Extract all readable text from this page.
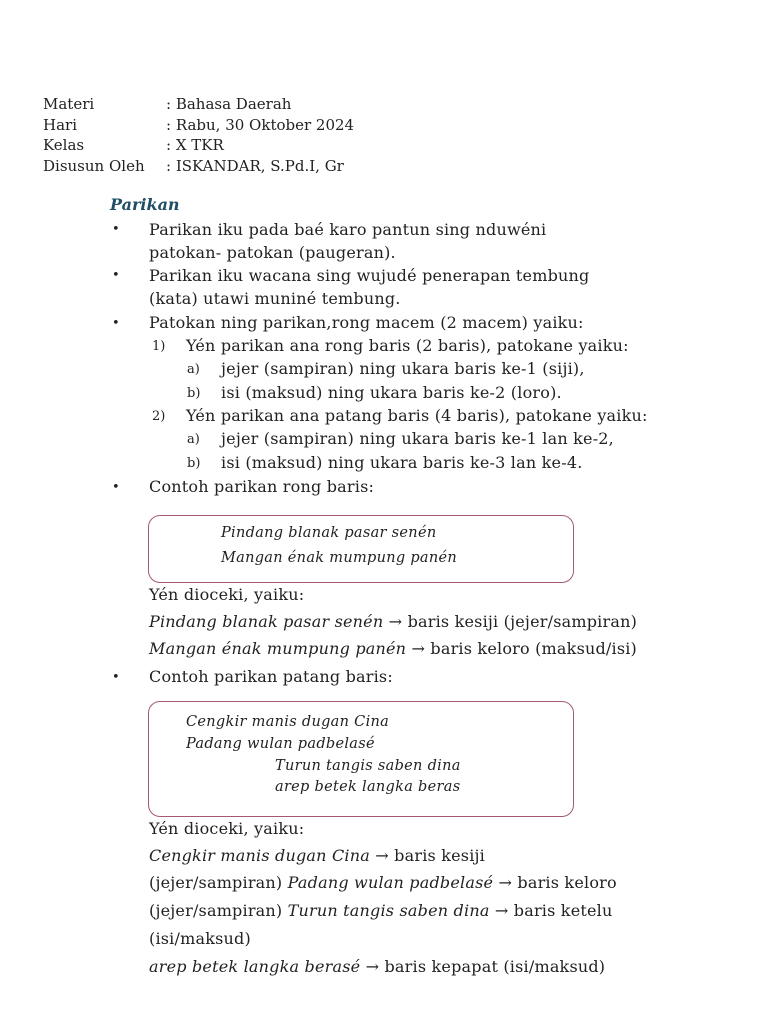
Materi	: Bahasa Daerah
Hari	: Rabu, 30 Oktober 2024
Kelas	: X TKR
Disusun Oleh : ISKANDAR, S.Pd.I, Gr
Parikan
• Parikan iku pada baé karo pantun sing nduwéni
patokan- patokan (paugeran).
• Parikan iku wacana sing wujudé penerapan tembung
(kata) utawi muniné tembung.
• Patokan ning parikan,rong macem (2 macem) yaiku:
1) Yén parikan ana rong baris (2 baris), patokane yaiku:
a) jejer (sampiran) ning ukara baris ke-1 (siji),
b) isi (maksud) ning ukara baris ke-2 (loro).
2) Yén parikan ana patang baris (4 baris), patokane yaiku:
a) jejer (sampiran) ning ukara baris ke-1 lan ke-2,
b) isi (maksud) ning ukara baris ke-3 lan ke-4.
• Contoh parikan rong baris:
Pindang blanak pasar senén
Mangan énak mumpung panén
Yén dioceki, yaiku:
Pindang blanak pasar senén → baris kesiji (jejer/sampiran)
Mangan énak mumpung panén → baris keloro (maksud/isi)
• Contoh parikan patang baris:
Cengkir manis dugan Cina
Padang wulan padbelasé
Turun tangis saben dina
arep betek langka beras
Yén dioceki, yaiku:
Cengkir manis dugan Cina → baris kesiji
(jejer/sampiran) Padang wulan padbelasé → baris keloro
(jejer/sampiran) Turun tangis saben dina → baris ketelu
(isi/maksud)
arep betek langka berasé → baris kepapat (isi/maksud)
